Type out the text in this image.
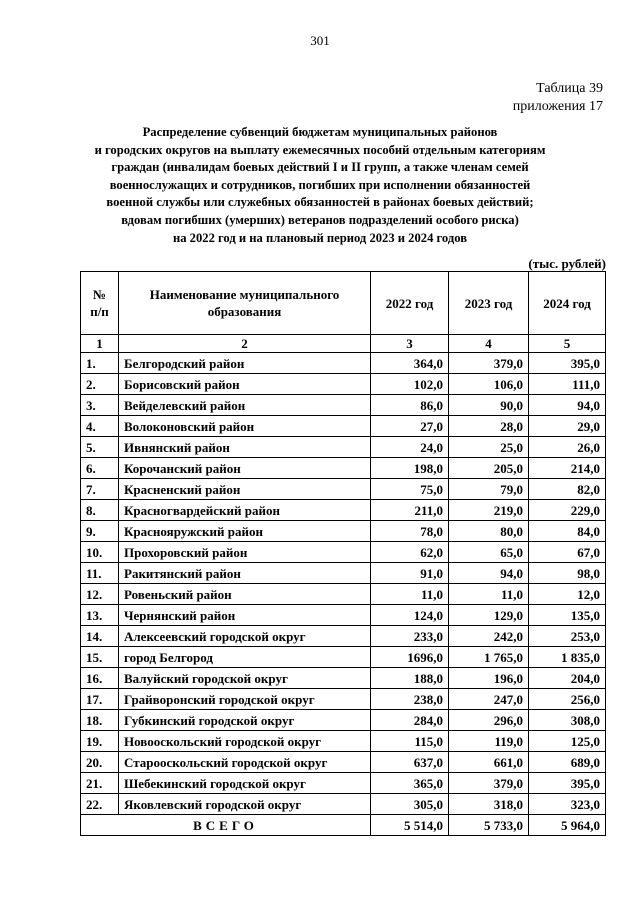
301
Таблица 39
приложения 17
Распределение субвенций бюджетам муниципальных районов
и городских округов на выплату ежемесячных пособий отдельным категориям
граждан (инвалидам боевых действий I и II групп, а также членам семей
военнослужащих и сотрудников, погибших при исполнении обязанностей
военной службы или служебных обязанностей в районах боевых действий;
вдовам погибших (умерших) ветеранов подразделений особого риска)
на 2022 год и на плановый период 2023 и 2024 годов
(тыс. рублей)
№ п/п	Наименование муниципального образования	2022 год	2023 год	2024 год
1	2	3	4	5
1.	Белгородский район	364,0	379,0	395,0
2.	Борисовский район	102,0	106,0	111,0
3.	Вейделевский район	86,0	90,0	94,0
4.	Волоконовский район	27,0	28,0	29,0
5.	Ивнянский район	24,0	25,0	26,0
6.	Корочанский район	198,0	205,0	214,0
7.	Красненский район	75,0	79,0	82,0
8.	Красногвардейский район	211,0	219,0	229,0
9.	Краснояружский район	78,0	80,0	84,0
10.	Прохоровский район	62,0	65,0	67,0
11.	Ракитянский район	91,0	94,0	98,0
12.	Ровеньский район	11,0	11,0	12,0
13.	Чернянский район	124,0	129,0	135,0
14.	Алексеевский городской округ	233,0	242,0	253,0
15.	город Белгород	1696,0	1 765,0	1 835,0
16.	Валуйский городской округ	188,0	196,0	204,0
17.	Грайворонский городской округ	238,0	247,0	256,0
18.	Губкинский городской округ	284,0	296,0	308,0
19.	Новооскольский городской округ	115,0	119,0	125,0
20.	Старооскольский городской округ	637,0	661,0	689,0
21.	Шебекинский городской округ	365,0	379,0	395,0
22.	Яковлевский городской округ	305,0	318,0	323,0
ВСЕГО		5 514,0	5 733,0	5 964,0
